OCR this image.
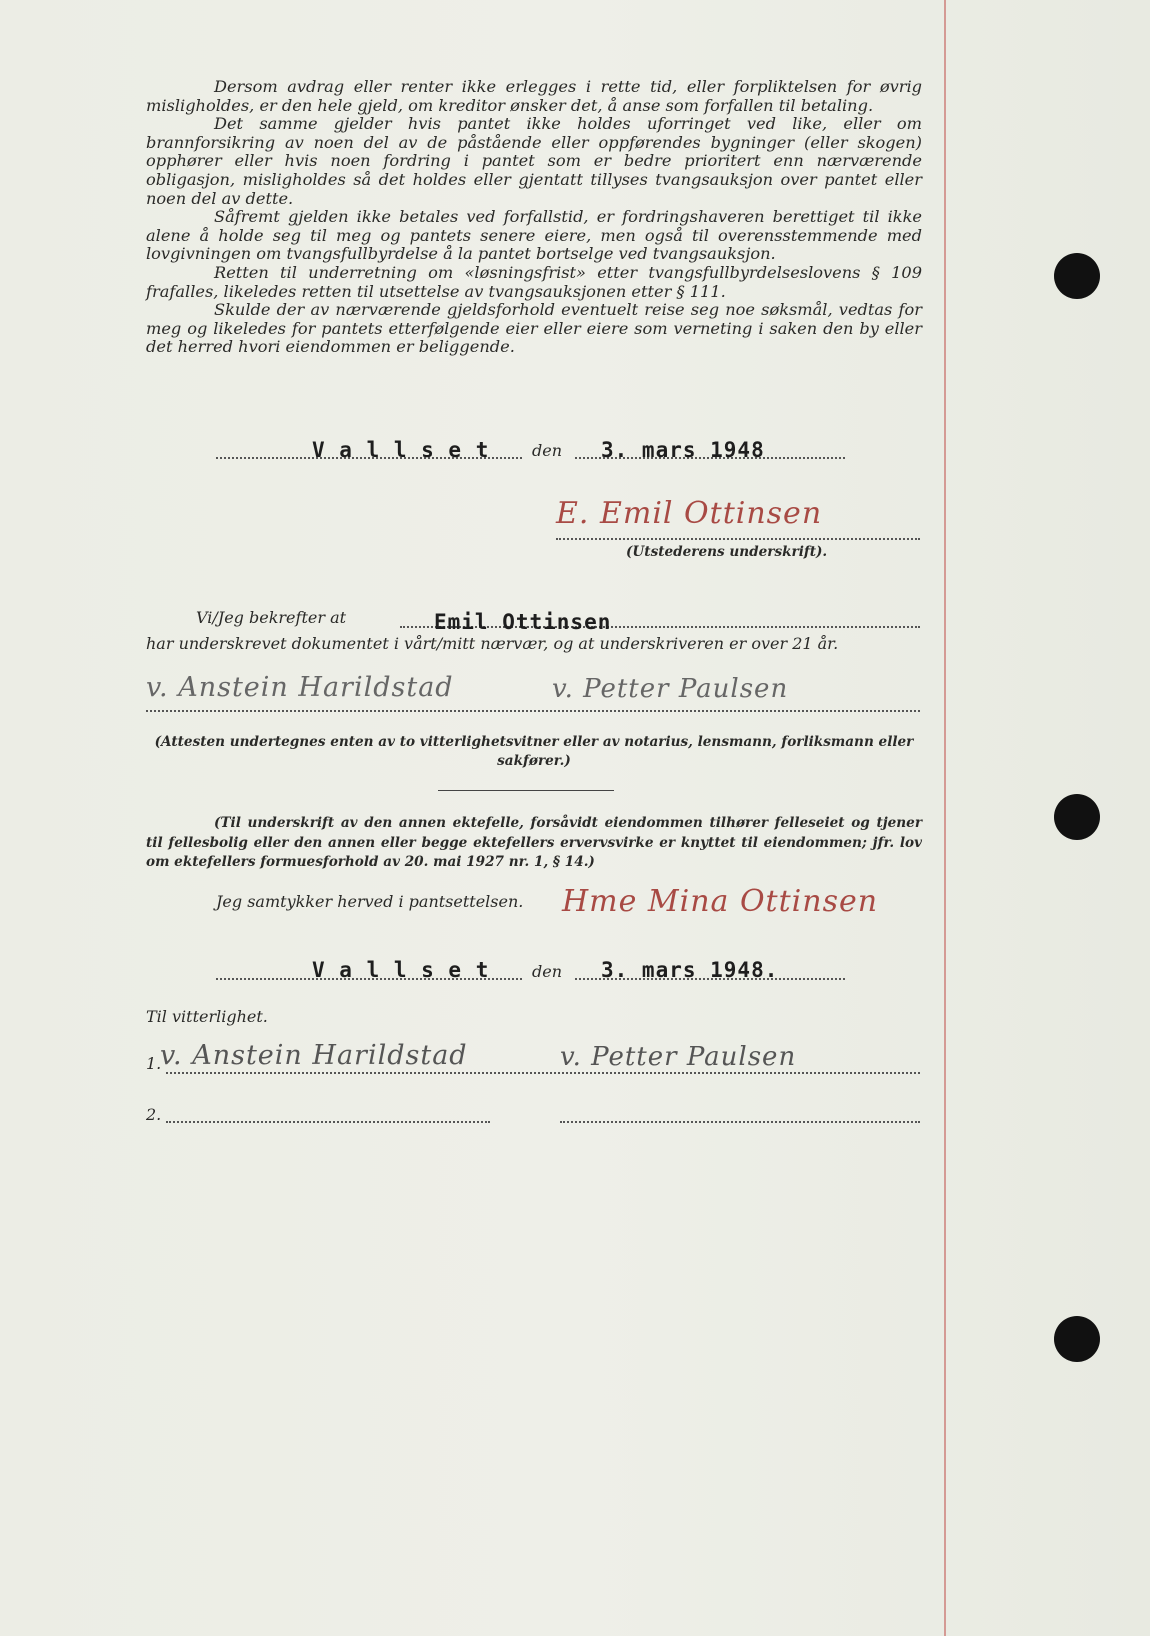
Dersom avdrag eller renter ikke erlegges i rette tid, eller forpliktelsen for øvrig misligholdes, er den hele gjeld, om kreditor ønsker det, å anse som forfallen til betaling.

Det samme gjelder hvis pantet ikke holdes uforringet ved like, eller om brannforsikring av noen del av de påstående eller oppførendes bygninger (eller skogen) opphører eller hvis noen fordring i pantet som er bedre prioritert enn nærværende obligasjon, misligholdes så det holdes eller gjentatt tillyses tvangsauksjon over pantet eller noen del av dette.

Såfremt gjelden ikke betales ved forfallstid, er fordringshaveren berettiget til ikke alene å holde seg til meg og pantets senere eiere, men også til overensstemmende med lovgivningen om tvangsfullbyrdelse å la pantet bortselge ved tvangsauksjon.

Retten til underretning om «løsningsfrist» etter tvangsfullbyrdelseslovens § 109 frafalles, likeledes retten til utsettelse av tvangsauksjonen etter § 111.

Skulde der av nærværende gjeldsforhold eventuelt reise seg noe søksmål, vedtas for meg og likeledes for pantets etterfølgende eier eller eiere som verneting i saken den by eller det herred hvori eiendommen er beliggende.

V a l l s e t	den 3. mars 1948
E. Emil Ottinsen
(Utstederens underskrift).
Vi/Jeg bekrefter at	Emil Ottinsen
har underskrevet dokumentet i vårt/mitt nærvær, og at underskriveren er over 21 år.
v. Anstein Harildstad	v. Petter Paulsen
(Attesten undertegnes enten av to vitterlighetsvitner eller av notarius, lensmann, forliksmann eller sakfører.)
(Til underskrift av den annen ektefelle, forsåvidt eiendommen tilhører felleseiet og tjener til fellesbolig eller den annen eller begge ektefellers ervervsvirke er knyttet til eiendommen; jfr. lov om ektefellers formuesforhold av 20. mai 1927 nr. 1, § 14.)
Jeg samtykker herved i pantsettelsen. Hme Mina Ottinsen
V a l l s e t	den 3. mars 1948.
Til vitterlighet.
1.
v. Anstein Harildstad	v. Petter Paulsen
2.
